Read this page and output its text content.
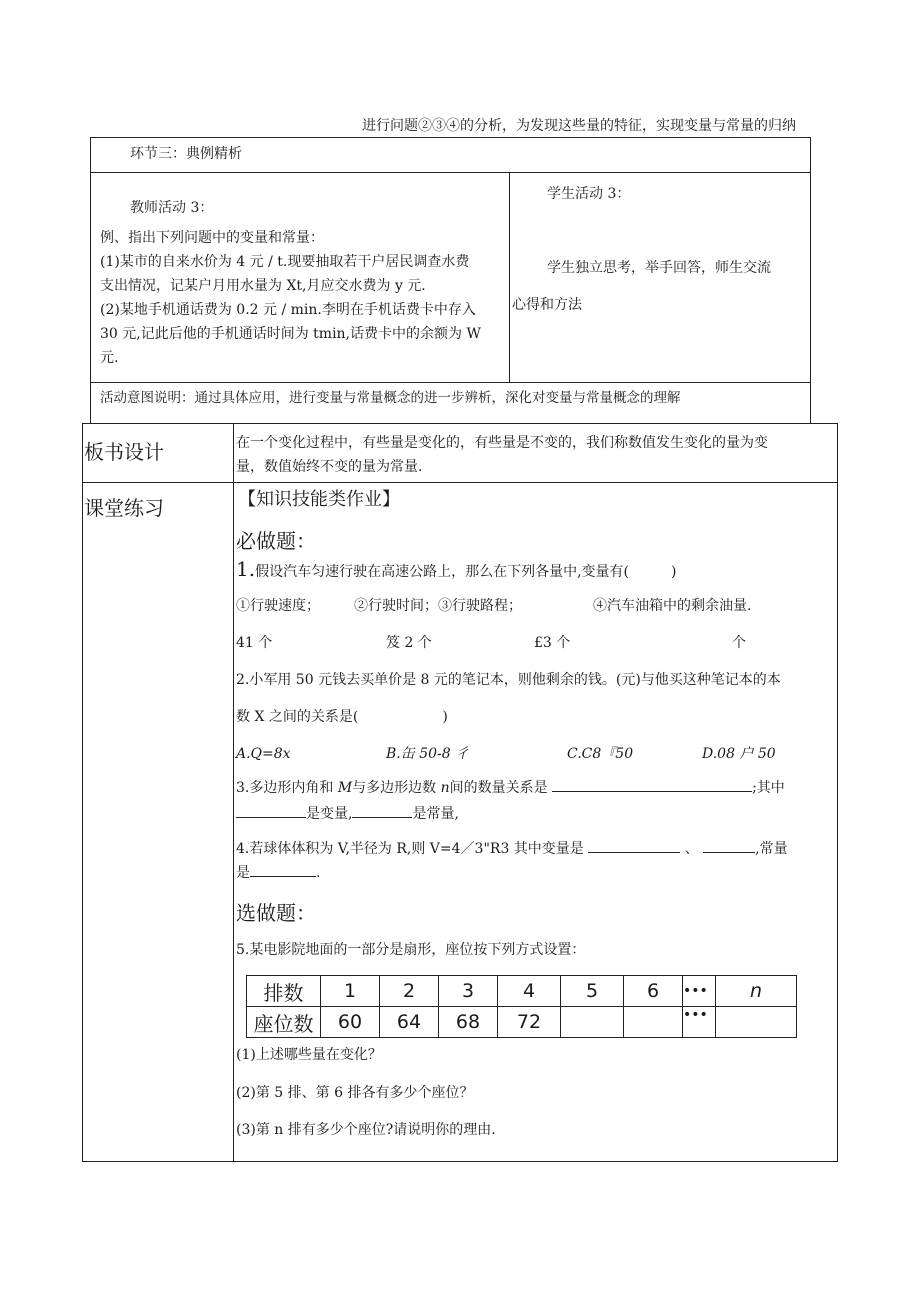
进行问题②③④的分析，为发现这些量的特征，实现变量与常量的归纳
环节三：典例精析
教师活动 3：
例、指出下列问题中的变量和常量：
(1)某市的自来水价为 4 元 / t.现要抽取若干户居民调查水费
支出情况，记某户月用水量为 Xt,月应交水费为 y 元.
(2)某地手机通话费为 0.2 元 / min.李明在手机话费卡中存入
30 元,记此后他的手机通话时间为 tmin,话费卡中的余额为 W
元.
学生活动 3：
学生独立思考，举手回答，师生交流
心得和方法
活动意图说明：通过具体应用，进行变量与常量概念的进一步辨析，深化对变量与常量概念的理解
板书设计	在一个变化过程中，有些量是变化的，有些量是不变的，我们称数值发生变化的量为变
量，数值始终不变的量为常量.
课堂练习	【知识技能类作业】
必做题：
1.假设汽车匀速行驶在高速公路上，那么在下列各量中,变量有(　　　)
①行驶速度； ②行驶时间；③行驶路程；	④汽车油箱中的剩余油量.
41 个	笈 2 个	£3 个	个
2.小军用 50 元钱去买单价是 8 元的笔记本，则他剩余的钱。(元)与他买这种笔记本的本
数 X 之间的关系是(　　　　　　)
A.Q=8x	B.缶 50-8 彳	C.C8『50	D.08 户 50
3.多边形内角和 M与多边形边数 n间的数量关系是	;其中
是变量,	是常量,
4.若球体体积为 V,半径为 R,则 V=4／3"R3 其中变量是	、	,常量
是	.
选做题：
5.某电影院地面的一部分是扇形，座位按下列方式设置：
排数	1	2	3	4	5	6	•••	n
座位数	60	64	68	72			•••	
(1)上述哪些量在变化？
(2)第 5 排、第 6 排各有多少个座位？
(3)第 n 排有多少个座位?请说明你的理由.
